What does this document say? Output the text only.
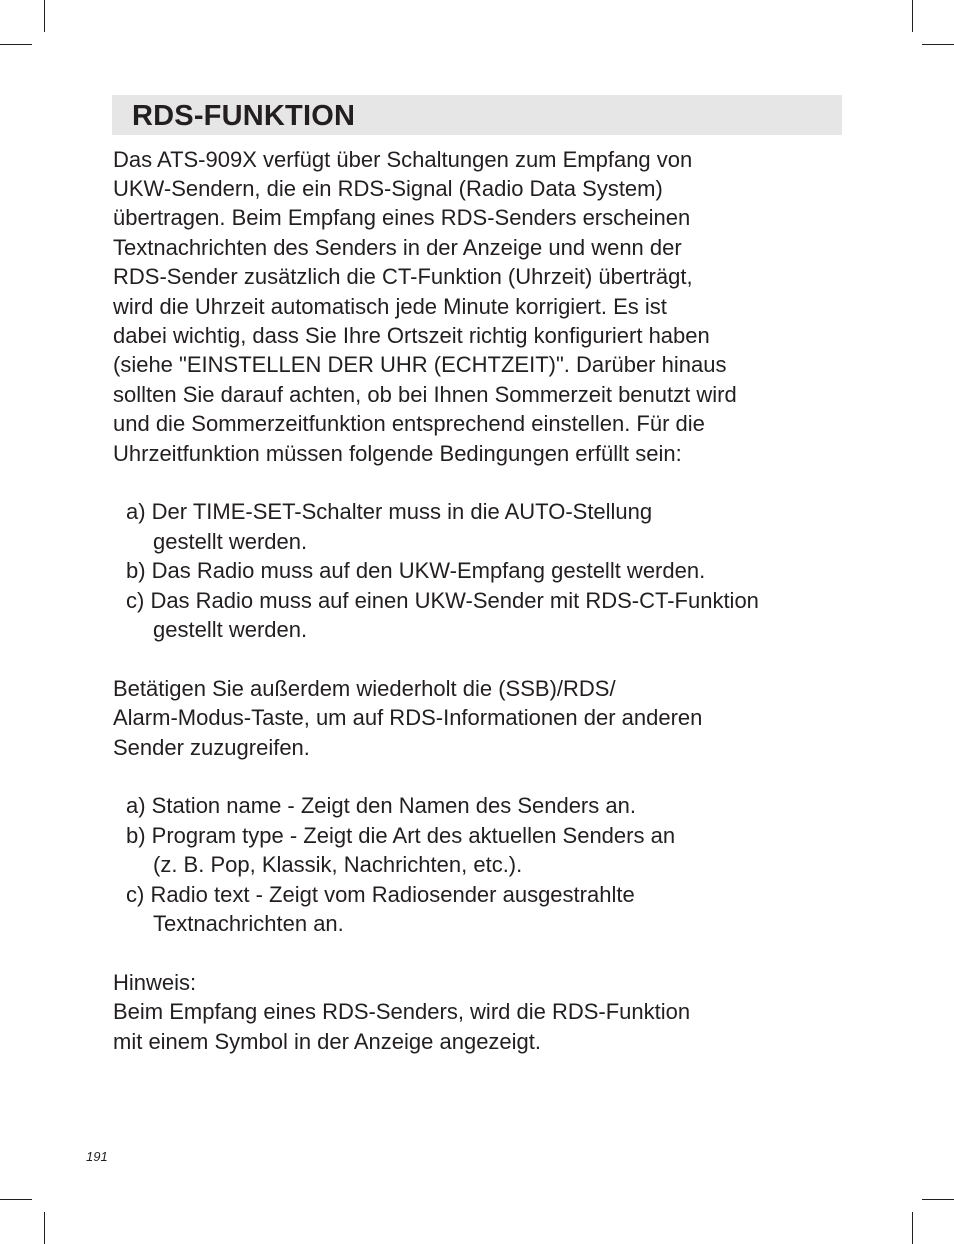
RDS-FUNKTION
Das ATS-909X verfügt über Schaltungen zum Empfang von
UKW-Sendern, die ein RDS-Signal (Radio Data System)
übertragen. Beim Empfang eines RDS-Senders erscheinen
Textnachrichten des Senders in der Anzeige und wenn der
RDS-Sender zusätzlich die CT-Funktion (Uhrzeit) überträgt,
wird die Uhrzeit automatisch jede Minute korrigiert. Es ist
dabei wichtig, dass Sie Ihre Ortszeit richtig konfiguriert haben
(siehe "EINSTELLEN DER UHR (ECHTZEIT)". Darüber hinaus
sollten Sie darauf achten, ob bei Ihnen Sommerzeit benutzt wird
und die Sommerzeitfunktion entsprechend einstellen. Für die
Uhrzeitfunktion müssen folgende Bedingungen erfüllt sein:
a) Der TIME-SET-Schalter muss in die AUTO-Stellung
gestellt werden.
b) Das Radio muss auf den UKW-Empfang gestellt werden.
c) Das Radio muss auf einen UKW-Sender mit RDS-CT-Funktion
gestellt werden.
Betätigen Sie außerdem wiederholt die (SSB)/RDS/
Alarm-Modus-Taste, um auf RDS-Informationen der anderen
Sender zuzugreifen.
a) Station name - Zeigt den Namen des Senders an.
b) Program type - Zeigt die Art des aktuellen Senders an
(z. B. Pop, Klassik, Nachrichten, etc.).
c) Radio text - Zeigt vom Radiosender ausgestrahlte
Textnachrichten an.
Hinweis:
Beim Empfang eines RDS-Senders, wird die RDS-Funktion
mit einem Symbol in der Anzeige angezeigt.
191
